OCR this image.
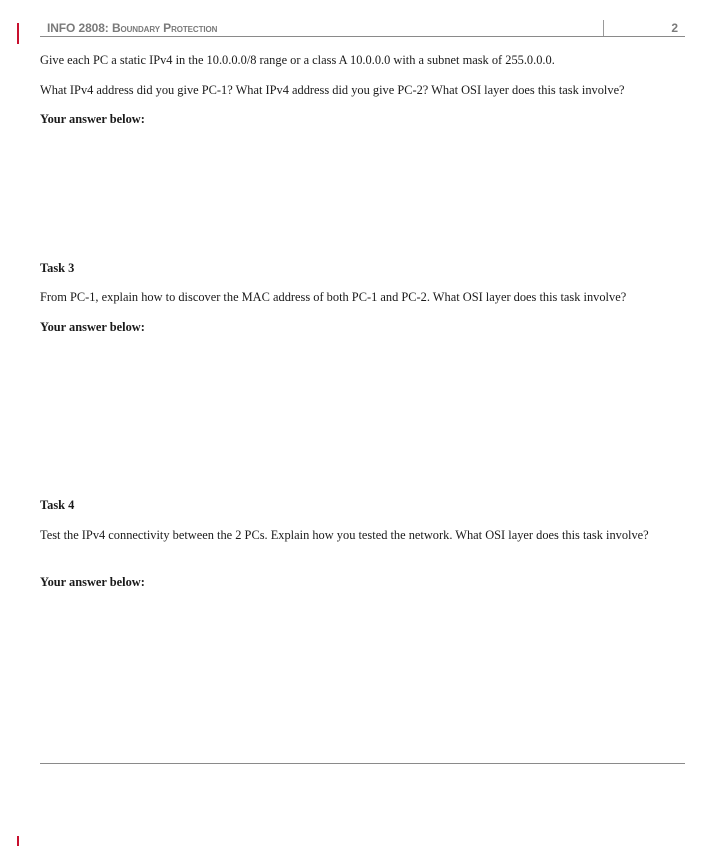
INFO 2808: Boundary Protection	2
Give each PC a static IPv4 in the 10.0.0.0/8 range or a class A 10.0.0.0 with a subnet mask of 255.0.0.0.
What IPv4 address did you give PC-1? What IPv4 address did you give PC-2? What OSI layer does this task involve?
Your answer below:
Task 3
From PC-1, explain how to discover the MAC address of both PC-1 and PC-2. What OSI layer does this task involve?
Your answer below:
Task 4
Test the IPv4 connectivity between the 2 PCs. Explain how you tested the network. What OSI layer does this task involve?
Your answer below:
